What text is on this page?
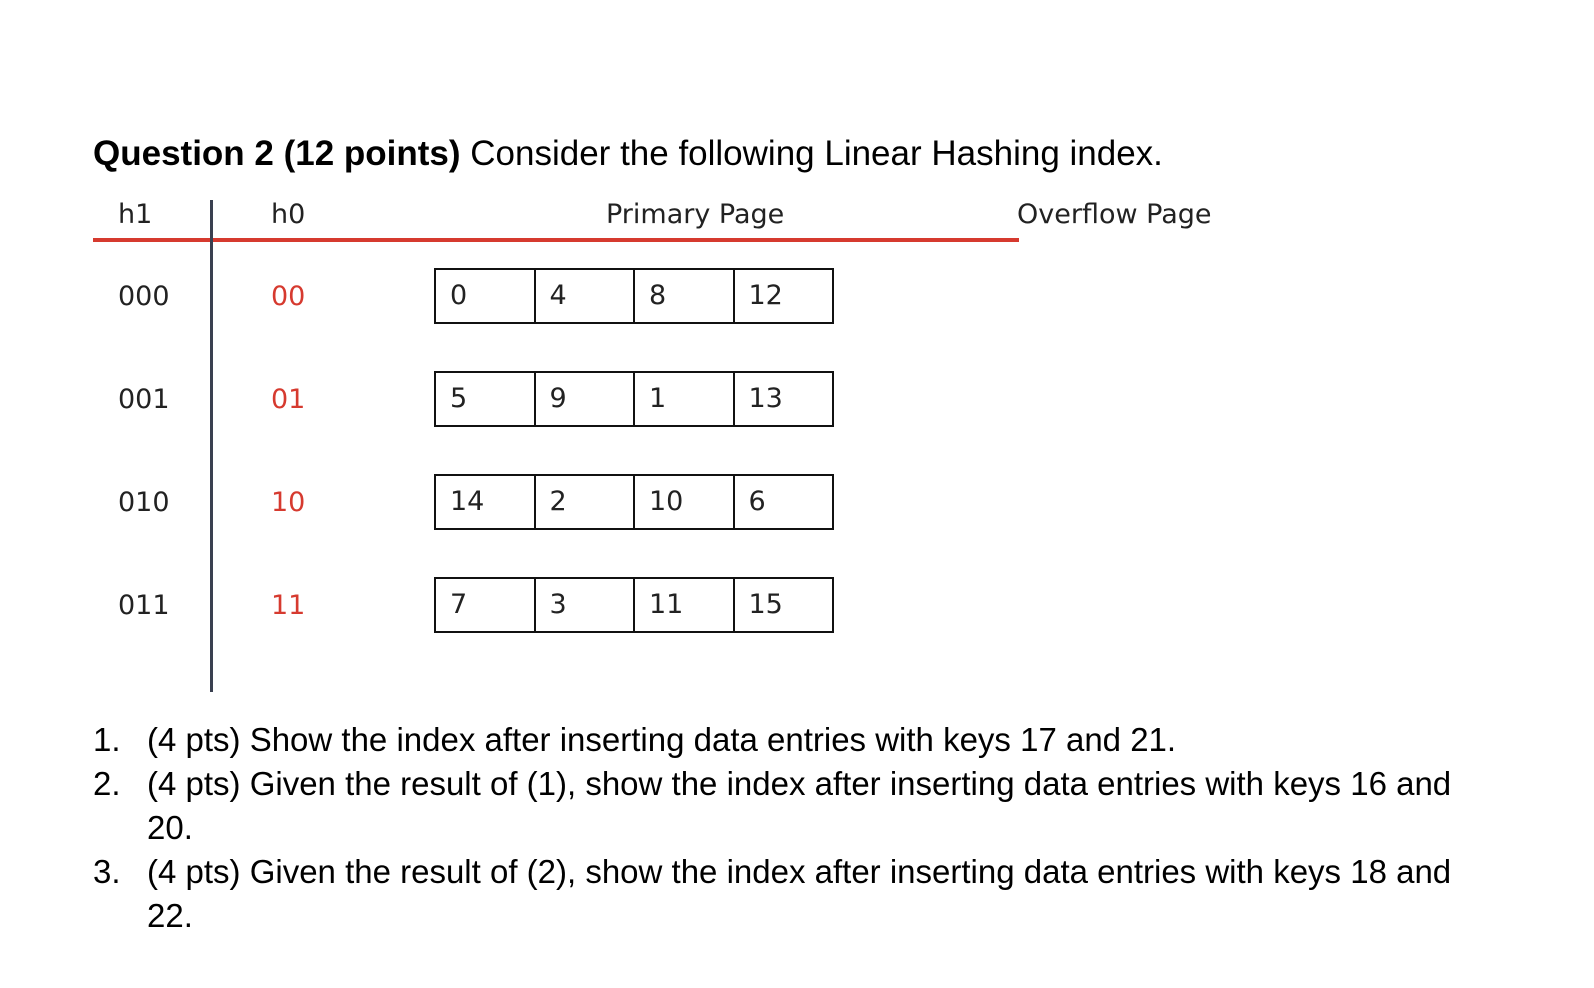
Question 2 (12 points) Consider the following Linear Hashing index.
h1	h0	Primary Page	Overflow Page
000	00	0	4	8	12
001	01	5	9	1	13
010	10	14	2	10	6
011	11	7	3	11	15
1. (4 pts) Show the index after inserting data entries with keys 17 and 21.
2. (4 pts) Given the result of (1), show the index after inserting data entries with keys 16 and 20.
3. (4 pts) Given the result of (2), show the index after inserting data entries with keys 18 and 22.
